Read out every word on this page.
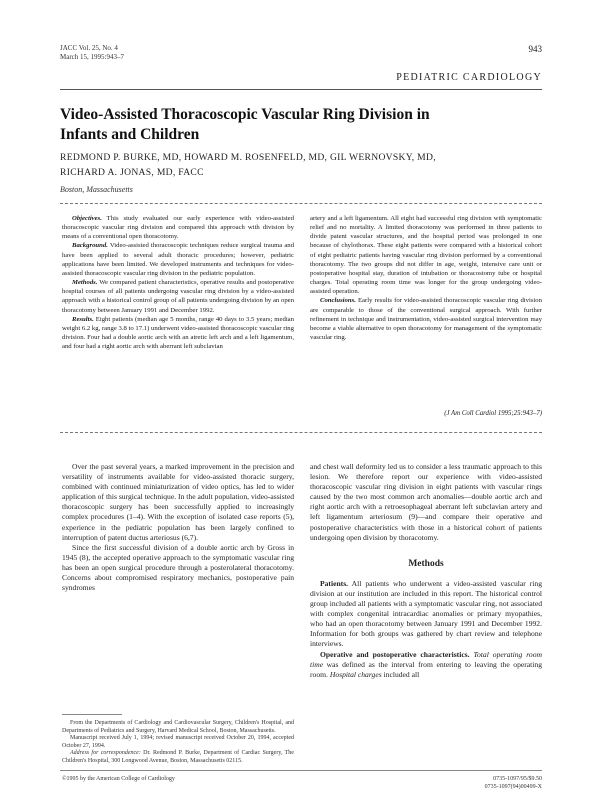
JACC Vol. 25, No. 4
March 15, 1995:943–7
943
PEDIATRIC CARDIOLOGY
Video-Assisted Thoracoscopic Vascular Ring Division in
Infants and Children
REDMOND P. BURKE, MD, HOWARD M. ROSENFELD, MD, GIL WERNOVSKY, MD,
RICHARD A. JONAS, MD, FACC
Boston, Massachusetts

Objectives. This study evaluated our early experience with video-assisted thoracoscopic vascular ring division and compared this approach with division by means of a conventional open thoracotomy.

Background. Video-assisted thoracoscopic techniques reduce surgical trauma and have been applied to several adult thoracic procedures; however, pediatric applications have been limited. We developed instruments and techniques for video-assisted thoracoscopic vascular ring division in the pediatric population.

Methods. We compared patient characteristics, operative results and postoperative hospital courses of all patients undergoing vascular ring division by a video-assisted approach with a historical control group of all patients undergoing division by an open thoracotomy between January 1991 and December 1992.

Results. Eight patients (median age 5 months, range 40 days to 3.5 years; median weight 6.2 kg, range 3.8 to 17.1) underwent video-assisted thoracoscopic vascular ring division. Four had a double aortic arch with an atretic left arch and a left ligamentum, and four had a right aortic arch with aberrant left subclavian

artery and a left ligamentum. All eight had successful ring division with symptomatic relief and no mortality. A limited thoracotomy was performed in three patients to divide patent vascular structures, and the hospital period was prolonged in one because of chylothorax. These eight patients were compared with a historical cohort of eight pediatric patients having vascular ring division performed by a conventional thoracotomy. The two groups did not differ in age, weight, intensive care unit or postoperative hospital stay, duration of intubation or thoracostomy tube or hospital charges. Total operating room time was longer for the group undergoing video-assisted operation.

Conclusions. Early results for video-assisted thoracoscopic vascular ring division are comparable to those of the conventional surgical approach. With further refinement in technique and instrumentation, video-assisted surgical intervention may become a viable alternative to open thoracotomy for management of the symptomatic vascular ring.

(J Am Coll Cardiol 1995;25:943–7)

Over the past several years, a marked improvement in the precision and versatility of instruments available for video-assisted thoracic surgery, combined with continued miniaturization of video optics, has led to wider application of this surgical technique. In the adult population, video-assisted thoracoscopic surgery has been successfully applied to increasingly complex procedures (1–4). With the exception of isolated case reports (5), experience in the pediatric population has been largely confined to interruption of patent ductus arteriosus (6,7).

Since the first successful division of a double aortic arch by Gross in 1945 (8), the accepted operative approach to the symptomatic vascular ring has been an open surgical procedure through a posterolateral thoracotomy. Concerns about compromised respiratory mechanics, postoperative pain syndromes

and chest wall deformity led us to consider a less traumatic approach to this lesion. We therefore report our experience with video-assisted thoracoscopic vascular ring division in eight patients with vascular rings caused by the two most common arch anomalies—double aortic arch and right aortic arch with a retroesophageal aberrant left subclavian artery and left ligamentum arteriosum (9)—and compare their operative and postoperative characteristics with those in a historical cohort of patients undergoing open division by thoracotomy.

Methods

Patients. All patients who underwent a video-assisted vascular ring division at our institution are included in this report. The historical control group included all patients with a symptomatic vascular ring, not associated with complex congenital intracardiac anomalies or primary myopathies, who had an open thoracotomy between January 1991 and December 1992. Information for both groups was gathered by chart review and telephone interviews.

Operative and postoperative characteristics. Total operating room time was defined as the interval from entering to leaving the operating room. Hospital charges included all

From the Departments of Cardiology and Cardiovascular Surgery, Children's Hospital, and Departments of Pediatrics and Surgery, Harvard Medical School, Boston, Massachusetts.

Manuscript received July 1, 1994; revised manuscript received October 20, 1994, accepted October 27, 1994.

Address for correspondence: Dr. Redmond P. Burke, Department of Cardiac Surgery, The Children's Hospital, 300 Longwood Avenue, Boston, Massachusetts 02115.

©1995 by the American College of Cardiology	0735-1097/95/$9.50
0735-1097(94)00499-X
